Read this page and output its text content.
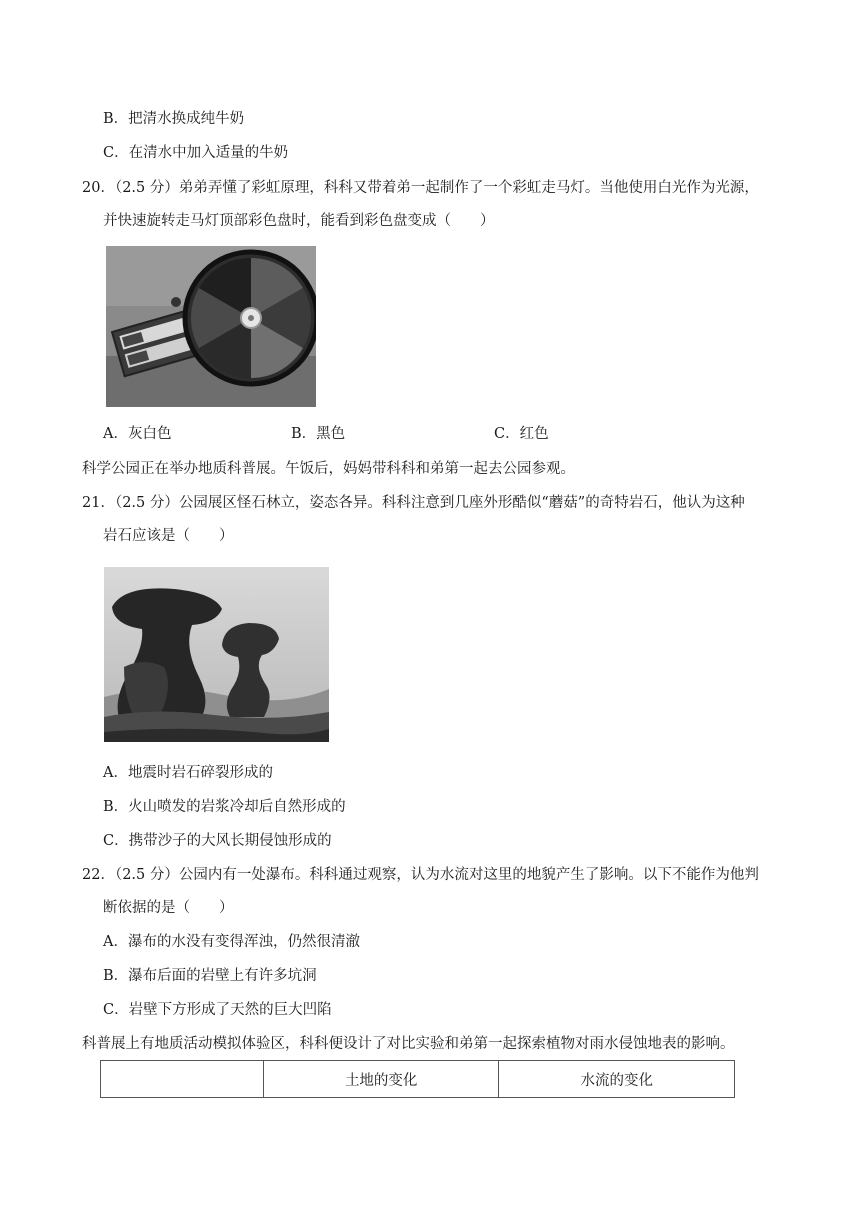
B．把清水换成纯牛奶
C．在清水中加入适量的牛奶
20．（2.5 分）弟弟弄懂了彩虹原理，科科又带着弟一起制作了一个彩虹走马灯。当他使用白光作为光源，
并快速旋转走马灯顶部彩色盘时，能看到彩色盘变成（　　）
A．灰白色	B．黑色	C．红色
科学公园正在举办地质科普展。午饭后，妈妈带科科和弟第一起去公园参观。
21．（2.5 分）公园展区怪石林立，姿态各异。科科注意到几座外形酷似“蘑菇”的奇特岩石，他认为这种
岩石应该是（　　）
A．地震时岩石碎裂形成的
B．火山喷发的岩浆冷却后自然形成的
C．携带沙子的大风长期侵蚀形成的
22．（2.5 分）公园内有一处瀑布。科科通过观察，认为水流对这里的地貌产生了影响。以下不能作为他判
断依据的是（　　）
A．瀑布的水没有变得浑浊，仍然很清澈
B．瀑布后面的岩壁上有许多坑洞
C．岩壁下方形成了天然的巨大凹陷
科普展上有地质活动模拟体验区，科科便设计了对比实验和弟第一起探索植物对雨水侵蚀地表的影响。
	土地的变化	水流的变化
